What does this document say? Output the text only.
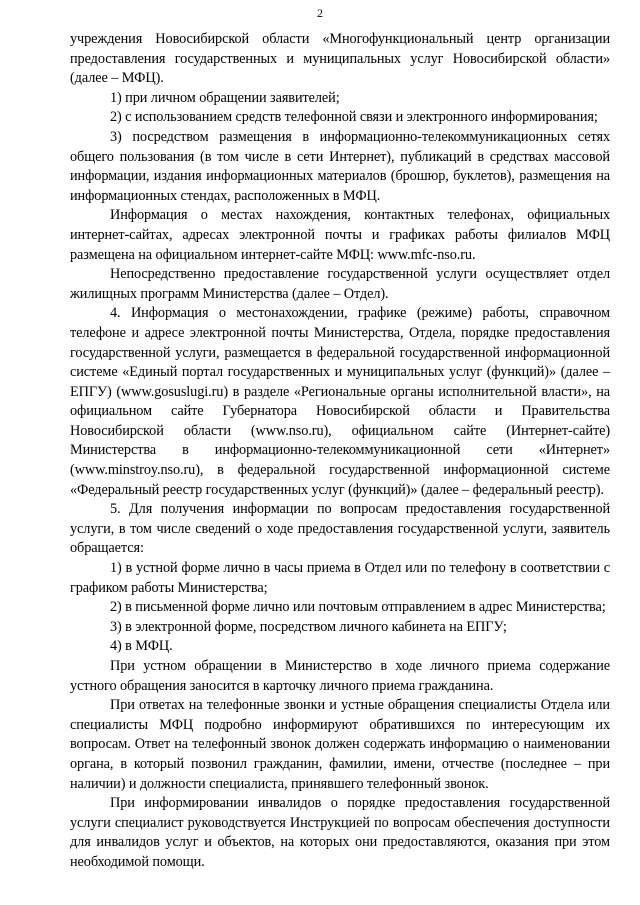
2

учреждения Новосибирской области «Многофункциональный центр организации предоставления государственных и муниципальных услуг Новосибирской области» (далее – МФЦ).

1) при личном обращении заявителей;

2) с использованием средств телефонной связи и электронного информирования;

3) посредством размещения в информационно-телекоммуникационных сетях общего пользования (в том числе в сети Интернет), публикаций в средствах массовой информации, издания информационных материалов (брошюр, буклетов), размещения на информационных стендах, расположенных в МФЦ.

Информация о местах нахождения, контактных телефонах, официальных интернет-сайтах, адресах электронной почты и графиках работы филиалов МФЦ размещена на официальном интернет-сайте МФЦ: www.mfc-nso.ru.

Непосредственно предоставление государственной услуги осуществляет отдел жилищных программ Министерства (далее – Отдел).

4. Информация о местонахождении, графике (режиме) работы, справочном телефоне и адресе электронной почты Министерства, Отдела, порядке предоставления государственной услуги, размещается в федеральной государственной информационной системе «Единый портал государственных и муниципальных услуг (функций)» (далее – ЕПГУ) (www.gosuslugi.ru) в разделе «Региональные органы исполнительной власти», на официальном сайте Губернатора Новосибирской области и Правительства Новосибирской области (www.nso.ru), официальном сайте (Интернет-сайте) Министерства в информационно-телекоммуникационной сети «Интернет» (www.minstroy.nso.ru), в федеральной государственной информационной системе «Федеральный реестр государственных услуг (функций)» (далее – федеральный реестр).

5. Для получения информации по вопросам предоставления государственной услуги, в том числе сведений о ходе предоставления государственной услуги, заявитель обращается:

1) в устной форме лично в часы приема в Отдел или по телефону в соответствии с графиком работы Министерства;

2) в письменной форме лично или почтовым отправлением в адрес Министерства;

3) в электронной форме, посредством личного кабинета на ЕПГУ;

4) в МФЦ.

При устном обращении в Министерство в ходе личного приема содержание устного обращения заносится в карточку личного приема гражданина.

При ответах на телефонные звонки и устные обращения специалисты Отдела или специалисты МФЦ подробно информируют обратившихся по интересующим их вопросам. Ответ на телефонный звонок должен содержать информацию о наименовании органа, в который позвонил гражданин, фамилии, имени, отчестве (последнее – при наличии) и должности специалиста, принявшего телефонный звонок.

При информировании инвалидов о порядке предоставления государственной услуги специалист руководствуется Инструкцией по вопросам обеспечения доступности для инвалидов услуг и объектов, на которых они предоставляются, оказания при этом необходимой помощи.
